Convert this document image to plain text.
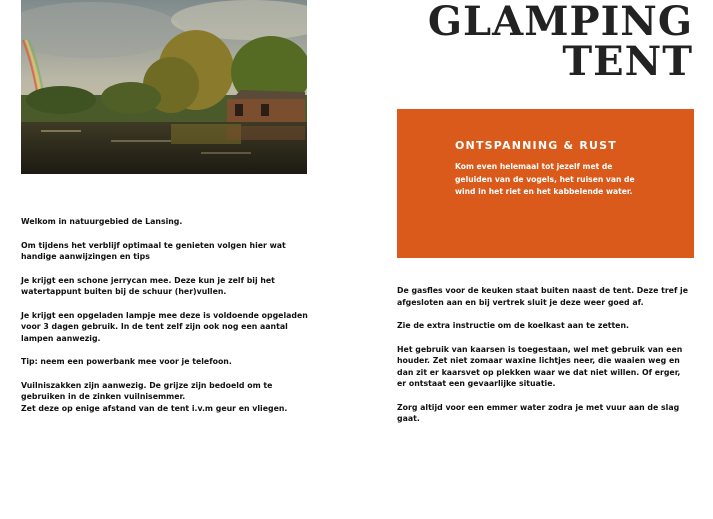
GLAMPING
TENT
ONTSPANNING & RUST
Kom even helemaal tot jezelf met de geluiden van de vogels, het ruisen van de wind in het riet en het kabbelende water.

Welkom in natuurgebied de Lansing.

Om tijdens het verblijf optimaal te genieten volgen hier wat handige aanwijzingen en tips

Je krijgt een schone jerrycan mee. Deze kun je zelf bij het watertappunt buiten bij de schuur (her)vullen.

Je krijgt een opgeladen lampje mee deze is voldoende opgeladen voor 3 dagen gebruik. In de tent zelf zijn ook nog een aantal lampen aanwezig.

Tip: neem een powerbank mee voor je telefoon.

Vuilniszakken zijn aanwezig. De grijze zijn bedoeld om te gebruiken in de zinken vuilnisemmer.
Zet deze op enige afstand van de tent i.v.m geur en vliegen.

De gasfles voor de keuken staat buiten naast de tent. Deze tref je afgesloten aan en bij vertrek sluit je deze weer goed af.

Zie de extra instructie om de koelkast aan te zetten.

Het gebruik van kaarsen is toegestaan, wel met gebruik van een houder. Zet niet zomaar waxine lichtjes neer, die waaien weg en dan zit er kaarsvet op plekken waar we dat niet willen. Of erger, er ontstaat een gevaarlijke situatie.

Zorg altijd voor een emmer water zodra je met vuur aan de slag gaat.
